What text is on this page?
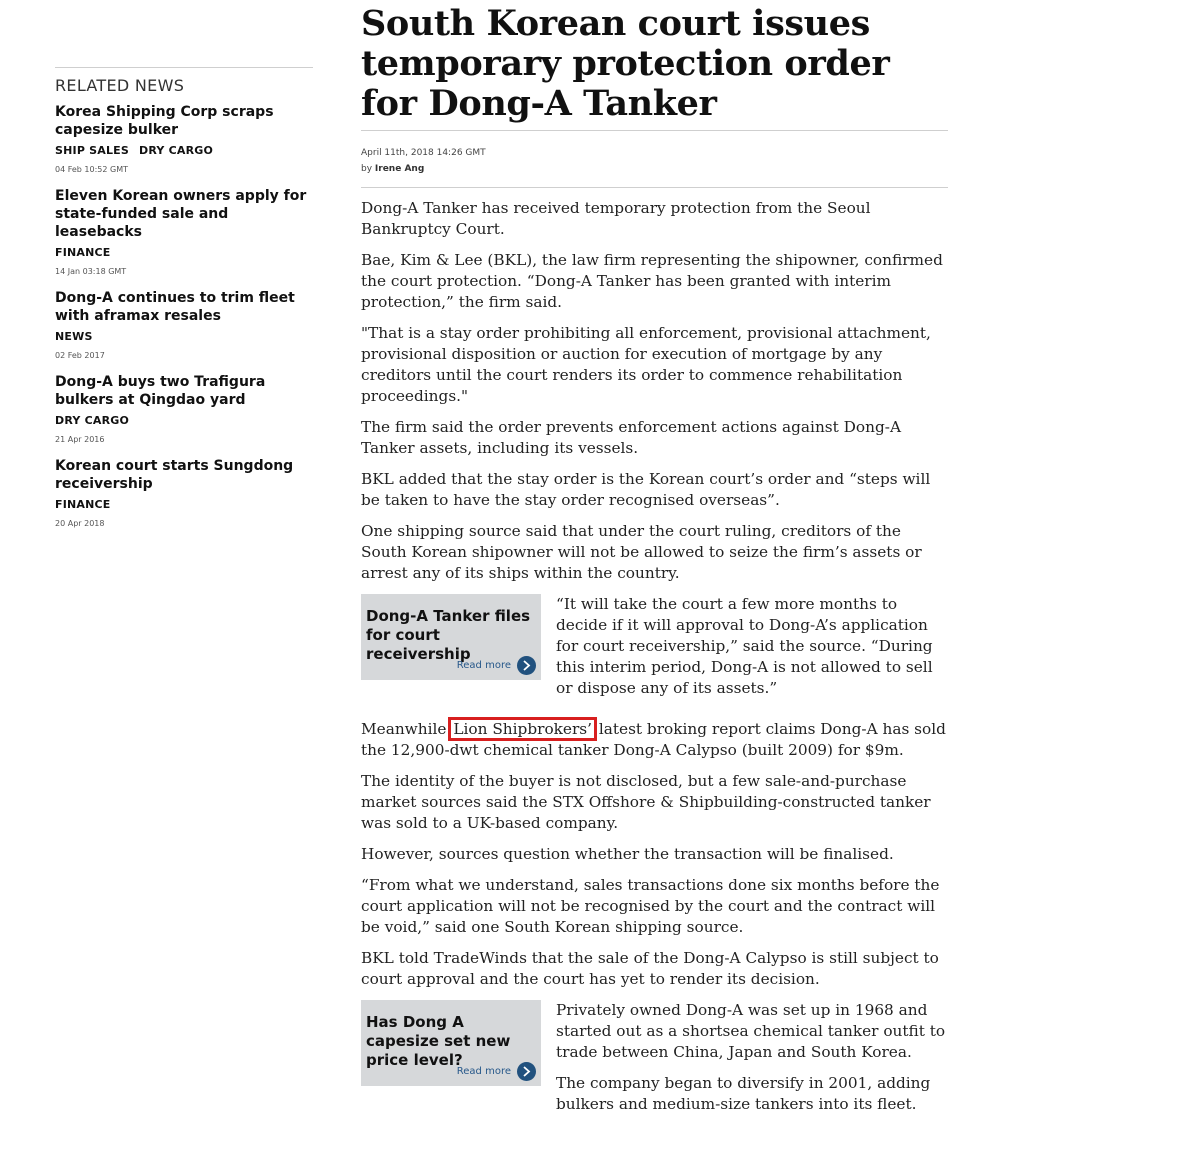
RELATED NEWS
Korea Shipping Corp scraps capesize bulker
SHIP SALES DRY CARGO
04 Feb 10:52 GMT
Eleven Korean owners apply for state-funded sale and leasebacks
FINANCE
14 Jan 03:18 GMT
Dong-A continues to trim fleet with aframax resales
NEWS
02 Feb 2017
Dong-A buys two Trafigura bulkers at Qingdao yard
DRY CARGO
21 Apr 2016
Korean court starts Sungdong receivership
FINANCE
20 Apr 2018
South Korean court issues temporary protection order for Dong-A Tanker
April 11th, 2018 14:26 GMT
by Irene Ang

Dong-A Tanker has received temporary protection from the Seoul Bankruptcy Court.

Bae, Kim & Lee (BKL), the law firm representing the shipowner, confirmed the court protection. “Dong-A Tanker has been granted with interim protection,” the firm said.

"That is a stay order prohibiting all enforcement, provisional attachment, provisional disposition or auction for execution of mortgage by any creditors until the court renders its order to commence rehabilitation proceedings."

The firm said the order prevents enforcement actions against Dong-A Tanker assets, including its vessels.

BKL added that the stay order is the Korean court’s order and “steps will be taken to have the stay order recognised overseas”.

One shipping source said that under the court ruling, creditors of the South Korean shipowner will not be allowed to seize the firm’s assets or arrest any of its ships within the country.

Dong-A Tanker files for court receivership
Read more

“It will take the court a few more months to decide if it will approval to Dong-A’s application for court receivership,” said the source. “During this interim period, Dong-A is not allowed to sell or dispose any of its assets.”

Meanwhile Lion Shipbrokers’ latest broking report claims Dong-A has sold the 12,900-dwt chemical tanker Dong-A Calypso (built 2009) for $9m.

The identity of the buyer is not disclosed, but a few sale-and-purchase market sources said the STX Offshore & Shipbuilding-constructed tanker was sold to a UK-based company.

However, sources question whether the transaction will be finalised.

“From what we understand, sales transactions done six months before the court application will not be recognised by the court and the contract will be void,” said one South Korean shipping source.

BKL told TradeWinds that the sale of the Dong-A Calypso is still subject to court approval and the court has yet to render its decision.

Has Dong A capesize set new price level?
Read more

Privately owned Dong-A was set up in 1968 and started out as a shortsea chemical tanker outfit to trade between China, Japan and South Korea.

The company began to diversify in 2001, adding bulkers and medium-size tankers into its fleet.
